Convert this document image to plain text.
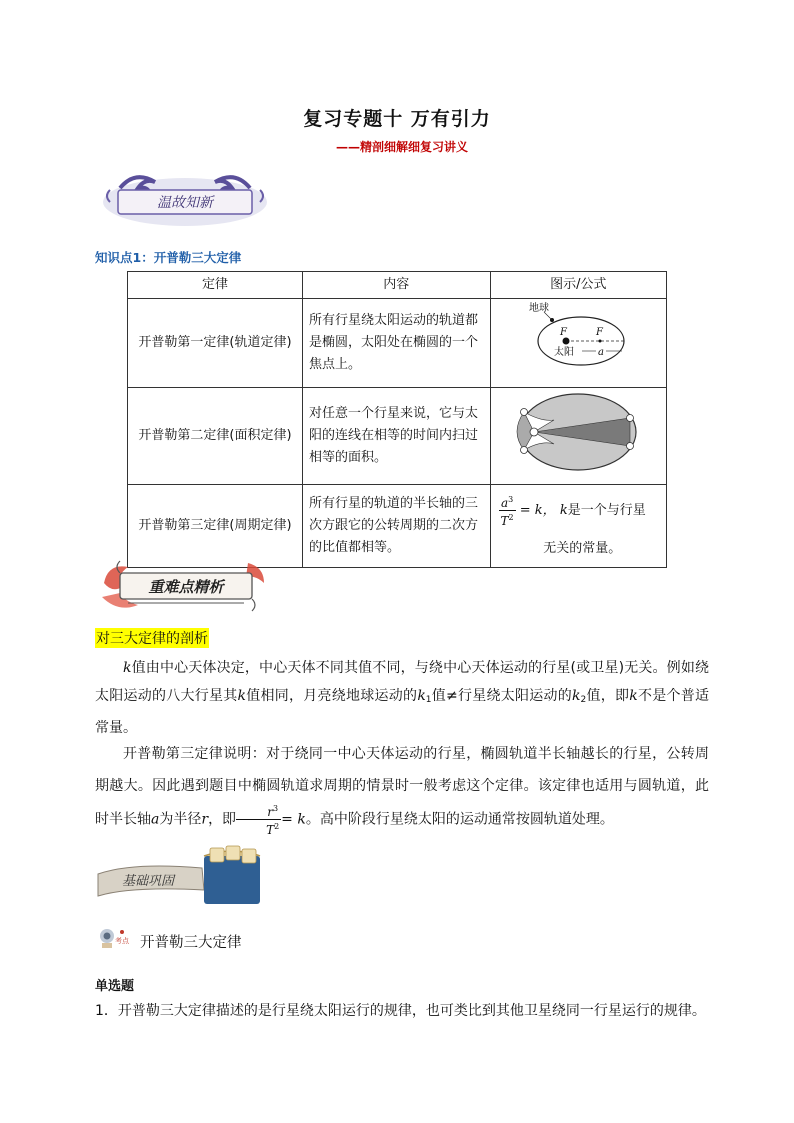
复习专题十 万有引力
——精剖细解细复习讲义
温故知新
知识点1：开普勒三大定律
定律	内容	图示/公式
开普勒第一定律(轨道定律)	所有行星绕太阳运动的轨道都是椭圆，太阳处在椭圆的一个焦点上。	地球
F F
太阳 a

开普勒第二定律(面积定律)	对任意一个行星来说，它与太阳的连线在相等的时间内扫过相等的面积。	
开普勒第三定律(周期定律)	所有行星的轨道的半长轴的三次方跟它的公转周期的二次方的比值都相等。	$\frac{a^3}{T^2} = k$， k是一个与行星
无关的常量。
重难点精析
对三大定律的剖析
k值由中心天体决定，中心天体不同其值不同，与绕中心天体运动的行星(或卫星)无关。例如绕太阳运动的八大行星其k值相同，月亮绕地球运动的$k_1$值≠行星绕太阳运动的$k_2$值，即k不是个普适常量。
开普勒第三定律说明：对于绕同一中心天体运动的行星，椭圆轨道半长轴越长的行星，公转周期越大。因此遇到题目中椭圆轨道求周期的情景时一般考虑这个定律。该定律也适用与圆轨道，此时半长轴a为半径r，即 $\frac{r^3}{T^2} = k$。高中阶段行星绕太阳的运动通常按圆轨道处理。
基础巩固
考点 开普勒三大定律
单选题
1．开普勒三大定律描述的是行星绕太阳运行的规律，也可类比到其他卫星绕同一行星运行的规律。
